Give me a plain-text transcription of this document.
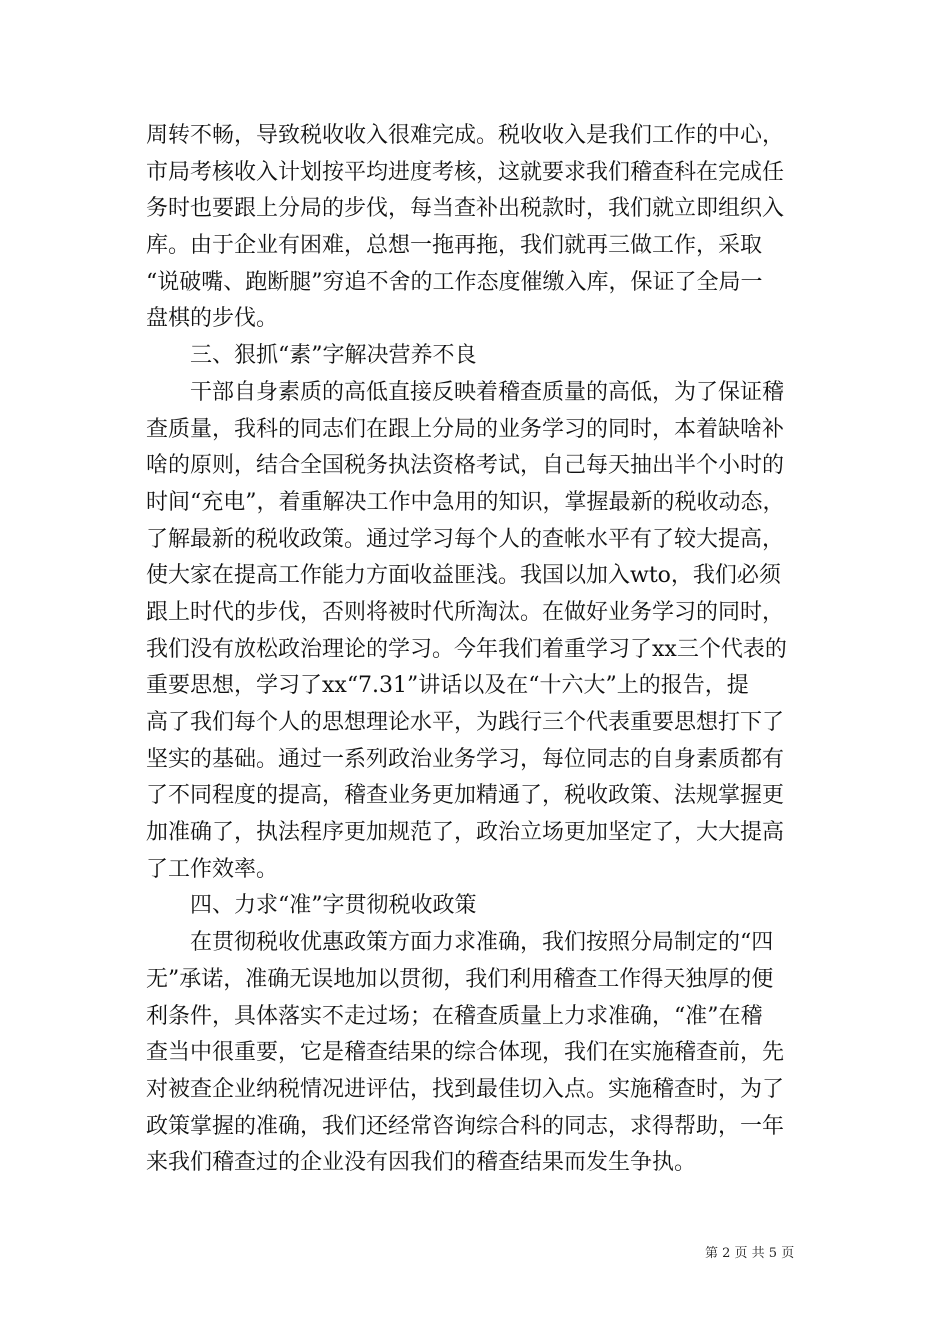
周转不畅，导致税收收入很难完成。税收收入是我们工作的中心，
市局考核收入计划按平均进度考核，这就要求我们稽查科在完成任
务时也要跟上分局的步伐，每当查补出税款时，我们就立即组织入
库。由于企业有困难，总想一拖再拖，我们就再三做工作，采取
“说破嘴、跑断腿”穷追不舍的工作态度催缴入库，保证了全局一
盘棋的步伐。
三、狠抓“素”字解决营养不良
干部自身素质的高低直接反映着稽查质量的高低，为了保证稽
查质量，我科的同志们在跟上分局的业务学习的同时，本着缺啥补
啥的原则，结合全国税务执法资格考试，自己每天抽出半个小时的
时间“充电”，着重解决工作中急用的知识，掌握最新的税收动态，
了解最新的税收政策。通过学习每个人的查帐水平有了较大提高，
使大家在提高工作能力方面收益匪浅。我国以加入wto，我们必须
跟上时代的步伐，否则将被时代所淘汰。在做好业务学习的同时，
我们没有放松政治理论的学习。今年我们着重学习了xx三个代表的
重要思想，学习了xx“7.31”讲话以及在“十六大”上的报告，提
高了我们每个人的思想理论水平，为践行三个代表重要思想打下了
坚实的基础。通过一系列政治业务学习，每位同志的自身素质都有
了不同程度的提高，稽查业务更加精通了，税收政策、法规掌握更
加准确了，执法程序更加规范了，政治立场更加坚定了，大大提高
了工作效率。
四、力求“准”字贯彻税收政策
在贯彻税收优惠政策方面力求准确，我们按照分局制定的“四
无”承诺，准确无误地加以贯彻，我们利用稽查工作得天独厚的便
利条件，具体落实不走过场；在稽查质量上力求准确，“准”在稽
查当中很重要，它是稽查结果的综合体现，我们在实施稽查前，先
对被查企业纳税情况进评估，找到最佳切入点。实施稽查时，为了
政策掌握的准确，我们还经常咨询综合科的同志，求得帮助，一年
来我们稽查过的企业没有因我们的稽查结果而发生争执。
第 2 页 共 5 页
